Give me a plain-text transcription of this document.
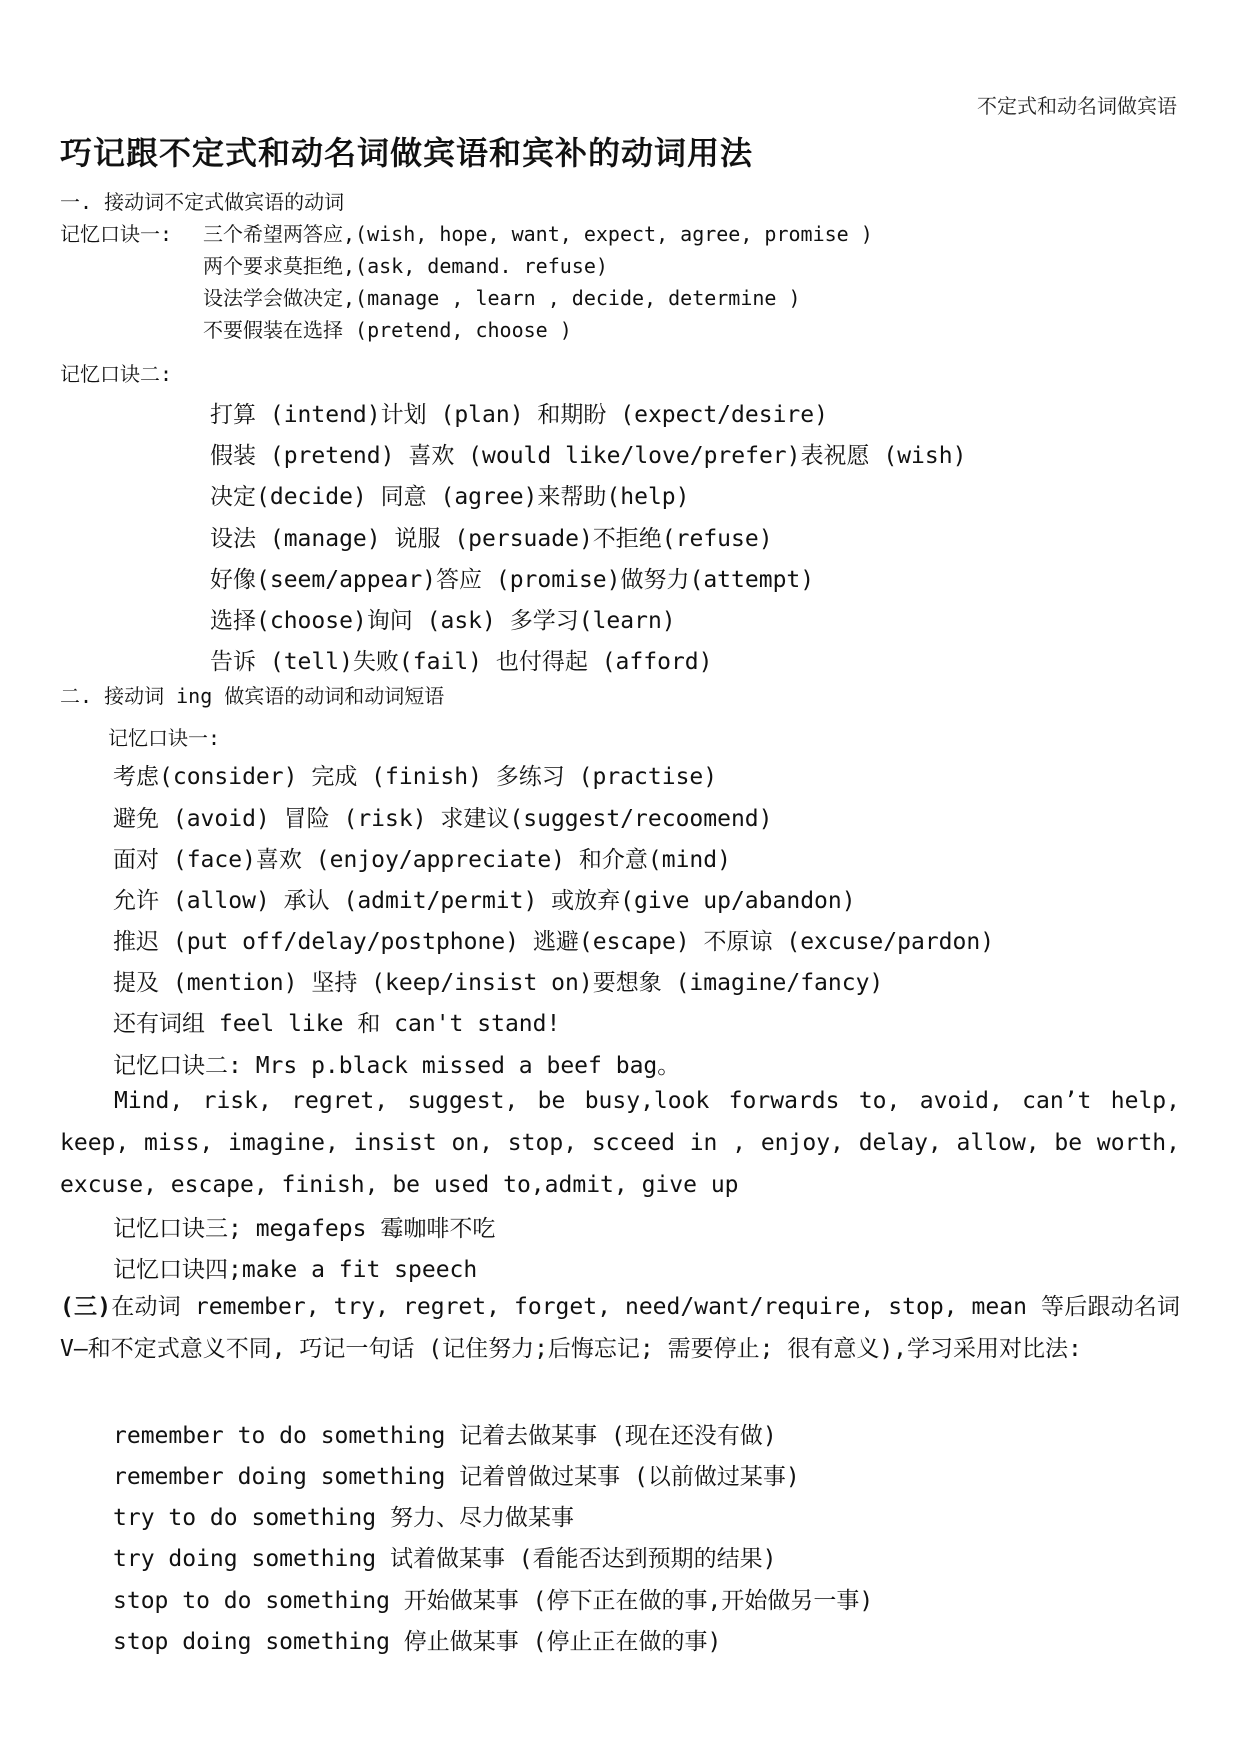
不定式和动名词做宾语
巧记跟不定式和动名词做宾语和宾补的动词用法
一. 接动词不定式做宾语的动词
记忆口诀一: 三个希望两答应,(wish, hope, want, expect, agree, promise )
两个要求莫拒绝,(ask, demand. refuse)
设法学会做决定,(manage , learn , decide, determine )
不要假装在选择 (pretend, choose )
记忆口诀二:
打算 (intend)计划 (plan) 和期盼 (expect/desire)
假装 (pretend) 喜欢 (would like/love/prefer)表祝愿 (wish)
决定(decide) 同意 (agree)来帮助(help)
设法 (manage) 说服 (persuade)不拒绝(refuse)
好像(seem/appear)答应 (promise)做努力(attempt)
选择(choose)询问 (ask) 多学习(learn)
告诉 (tell)失败(fail) 也付得起 (afford)
二. 接动词 ing 做宾语的动词和动词短语
记忆口诀一:
考虑(consider) 完成 (finish) 多练习 (practise)
避免 (avoid) 冒险 (risk) 求建议(suggest/recoomend)
面对 (face)喜欢 (enjoy/appreciate) 和介意(mind)
允许 (allow) 承认 (admit/permit) 或放弃(give up/abandon)
推迟 (put off/delay/postphone) 逃避(escape) 不原谅 (excuse/pardon)
提及 (mention) 坚持 (keep/insist on)要想象 (imagine/fancy)
还有词组 feel like 和 can't stand!
记忆口诀二: Mrs p.black missed a beef bag。
Mind, risk, regret, suggest, be busy,look forwards to, avoid, can’t help, keep, miss, imagine, insist on, stop, scceed in , enjoy, delay, allow, be worth, excuse, escape, finish, be used to,admit, give up
记忆口诀三; megafeps 霉咖啡不吃
记忆口诀四;make a fit speech
(三)在动词 remember, try, regret, forget, need/want/require, stop, mean 等后跟动名词 V—和不定式意义不同, 巧记一句话 (记住努力;后悔忘记; 需要停止; 很有意义),学习采用对比法:
remember to do something 记着去做某事 (现在还没有做)
remember doing something 记着曾做过某事 (以前做过某事)
try to do something 努力、尽力做某事
try doing something 试着做某事 (看能否达到预期的结果)
stop to do something 开始做某事 (停下正在做的事,开始做另一事)
stop doing something 停止做某事 (停止正在做的事)
